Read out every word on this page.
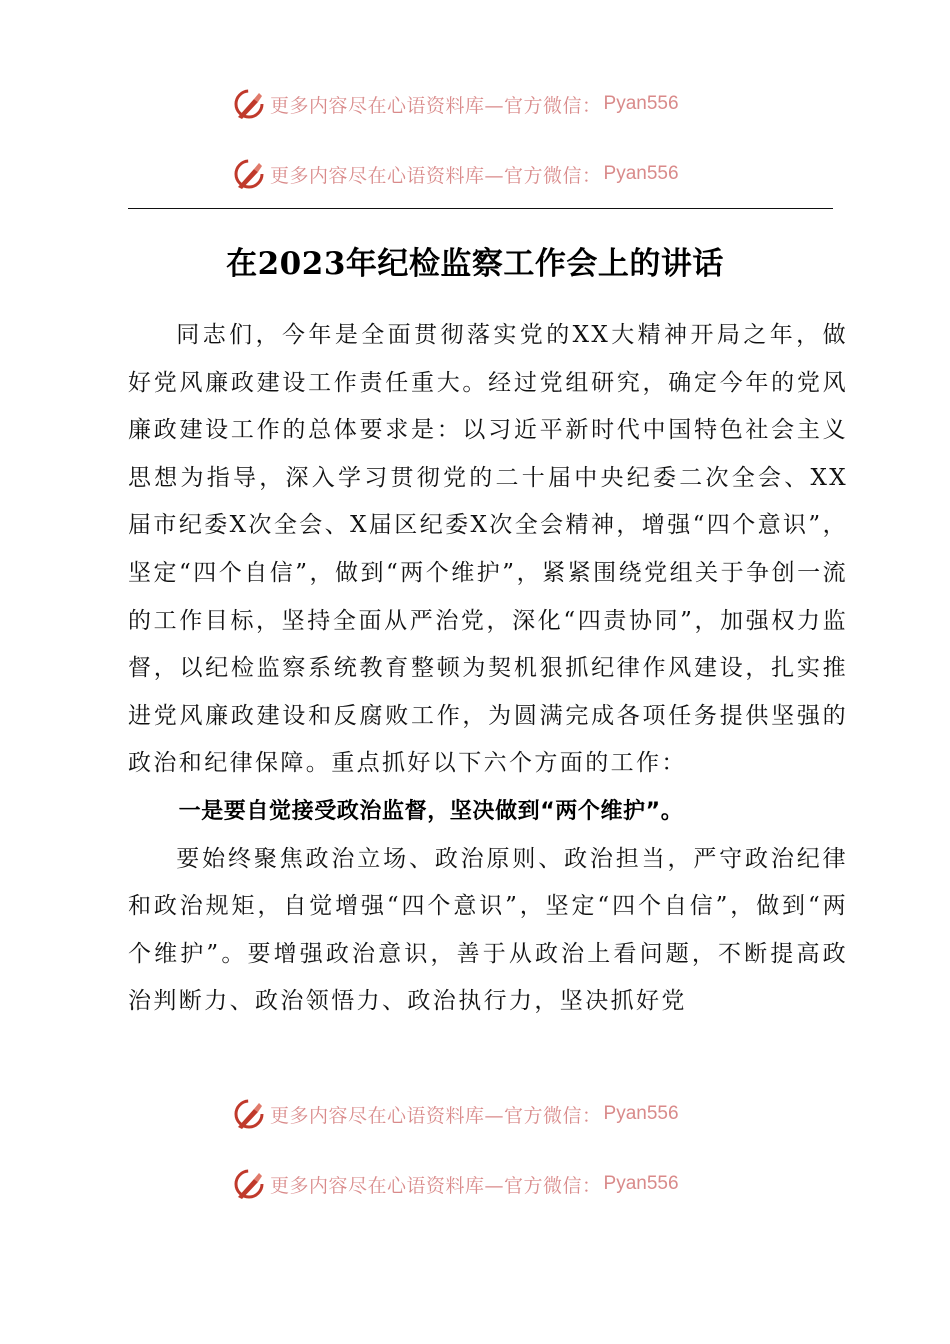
更多内容尽在心语资料库—官方微信： Pyan556
更多内容尽在心语资料库—官方微信： Pyan556
在2023年纪检监察工作会上的讲话

同志们，今年是全面贯彻落实党的XX大精神开局之年，做好党风廉政建设工作责任重大。经过党组研究，确定今年的党风廉政建设工作的总体要求是：以习近平新时代中国特色社会主义思想为指导，深入学习贯彻党的二十届中央纪委二次全会、XX届市纪委X次全会、X届区纪委X次全会精神，增强“四个意识”，坚定“四个自信”，做到“两个维护”，紧紧围绕党组关于争创一流的工作目标，坚持全面从严治党，深化“四责协同”，加强权力监督，以纪检监察系统教育整顿为契机狠抓纪律作风建设，扎实推进党风廉政建设和反腐败工作，为圆满完成各项任务提供坚强的政治和纪律保障。重点抓好以下六个方面的工作：

一是要自觉接受政治监督，坚决做到“两个维护”。

要始终聚焦政治立场、政治原则、政治担当，严守政治纪律和政治规矩，自觉增强“四个意识”，坚定“四个自信”，做到“两个维护”。要增强政治意识，善于从政治上看问题，不断提高政治判断力、政治领悟力、政治执行力，坚决抓好党

更多内容尽在心语资料库—官方微信： Pyan556
更多内容尽在心语资料库—官方微信： Pyan556
